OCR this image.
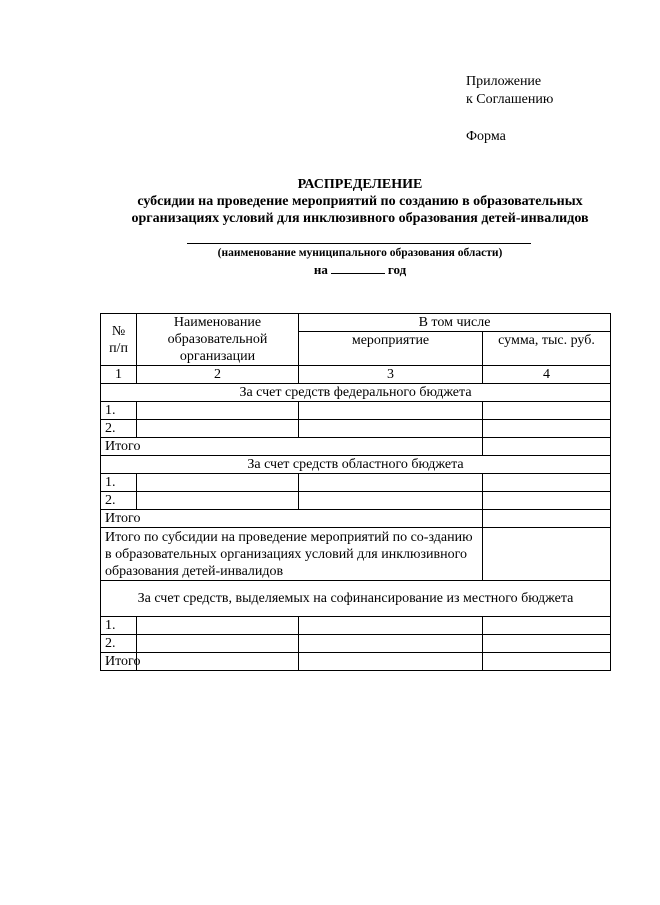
Приложение
к Соглашению
Форма
РАСПРЕДЕЛЕНИЕ
субсидии на проведение мероприятий по созданию в образовательных
организациях условий для инклюзивного образования детей-инвалидов
(наименование муниципального образования области)
на	год
№ п/п	Наименование образовательной организации	В том числе	
		мероприятие	сумма, тыс. руб.
1	2	3	4
За счет средств федерального бюджета			
1.			
2.			
Итого			
За счет средств областного бюджета			
1.			
2.			
Итого			
Итого по субсидии на проведение мероприятий по со-зданию в образовательных организациях условий для инклюзивного образования детей-инвалидов			
За счет средств, выделяемых на софинансирование из местного бюджета			
1.			
2.			
Итого			
